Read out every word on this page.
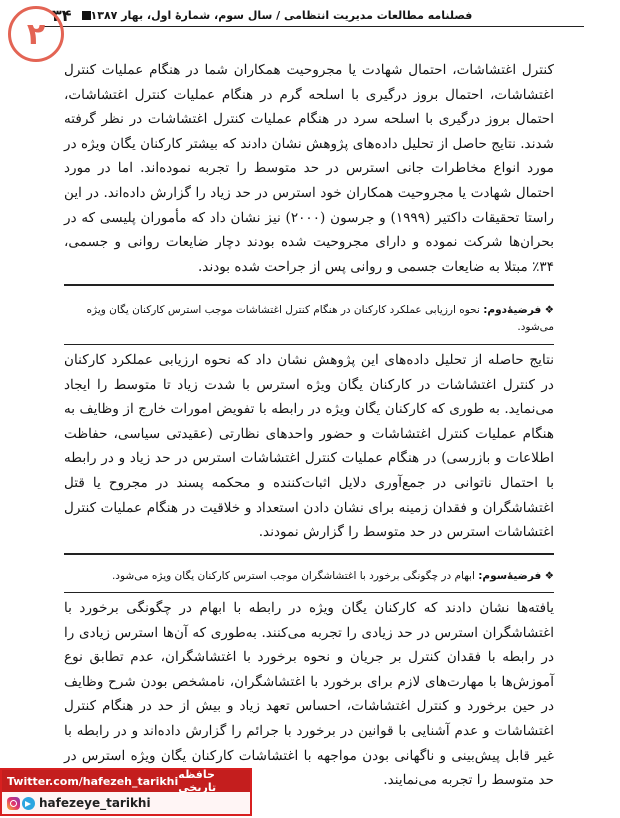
۳۴ فصلنامه مطالعات مدیریت انتظامی / سال سوم، شمارهٔ اول، بهار ۱۳۸۷
۲
کنترل اغتشاشات، احتمال شهادت یا مجروحیت همکاران شما در هنگام عملیات کنترل اغتشاشات، احتمال بروز درگیری با اسلحه گرم در هنگام عملیات کنترل اغتشاشات، احتمال بروز درگیری با اسلحه سرد در هنگام عملیات کنترل اغتشاشات در نظر گرفته شدند. نتایج حاصل از تحلیل داده‌های پژوهش نشان دادند که بیشتر کارکنان یگان ویژه در مورد انواع مخاطرات جانی استرس در حد متوسط را تجربه نموده‌اند. اما در مورد احتمال شهادت یا مجروحیت همکاران خود استرس در حد زیاد را گزارش داده‌اند. در این راستا تحقیقات داکتیر (۱۹۹۹) و جرسون (۲۰۰۰) نیز نشان داد که مأموران پلیسی که در بحران‌ها شرکت نموده و دارای مجروحیت شده بودند دچار ضایعات روانی و جسمی، ۳۴٪ مبتلا به ضایعات جسمی و روانی پس از جراحت شده بودند.
❖ فرضیهٔ‌دوم: نحوه ارزیابی عملکرد کارکنان در هنگام کنترل اغتشاشات موجب استرس کارکنان یگان ویژه می‌شود.
نتایج حاصله از تحلیل داده‌های این پژوهش نشان داد که نحوه ارزیابی عملکرد کارکنان در کنترل اغتشاشات در کارکنان یگان ویژه استرس با شدت زیاد تا متوسط را ایجاد می‌نماید. به طوری که کارکنان یگان ویژه در رابطه با تفویض امورات خارج از وظایف به هنگام عملیات کنترل اغتشاشات و حضور واحدهای نظارتی (عقیدتی سیاسی، حفاظت اطلاعات و بازرسی) در هنگام عملیات کنترل اغتشاشات استرس در حد زیاد و در رابطه با احتمال ناتوانی در جمع‌آوری دلایل اثبات‌کننده و محکمه پسند در مجروح یا قتل اغتشاشگران و فقدان زمینه برای نشان دادن استعداد و خلاقیت در هنگام عملیات کنترل اغتشاشات استرس در حد متوسط را گزارش نمودند.
❖ فرضیهٔ‌سوم: ابهام در چگونگی برخورد با اغتشاشگران موجب استرس کارکنان یگان ویژه می‌شود.
یافته‌ها نشان دادند که کارکنان یگان ویژه در رابطه با ابهام در چگونگی برخورد با اغتشاشگران استرس در حد زیادی را تجربه می‌کنند. به‌طوری که آن‌ها استرس زیادی را در رابطه با فقدان کنترل بر جریان و نحوه برخورد با اغتشاشگران، عدم تطابق نوع آموزش‌ها با مهارت‌های لازم برای برخورد با اغتشاشگران، نامشخص بودن شرح وظایف در حین برخورد و کنترل اغتشاشات، احساس تعهد زیاد و بیش از حد در هنگام کنترل اغتشاشات و عدم آشنایی با قوانین در برخورد با جرائم را گزارش داده‌اند و در رابطه با غیر قابل پیش‌بینی و ناگهانی بودن مواجهه با اغتشاشات کارکنان یگان ویژه استرس در حد متوسط را تجربه می‌نمایند.
Twitter.com/hafezeh_tarikhi حافظه تاریخی
hafezeye_tarikhi
